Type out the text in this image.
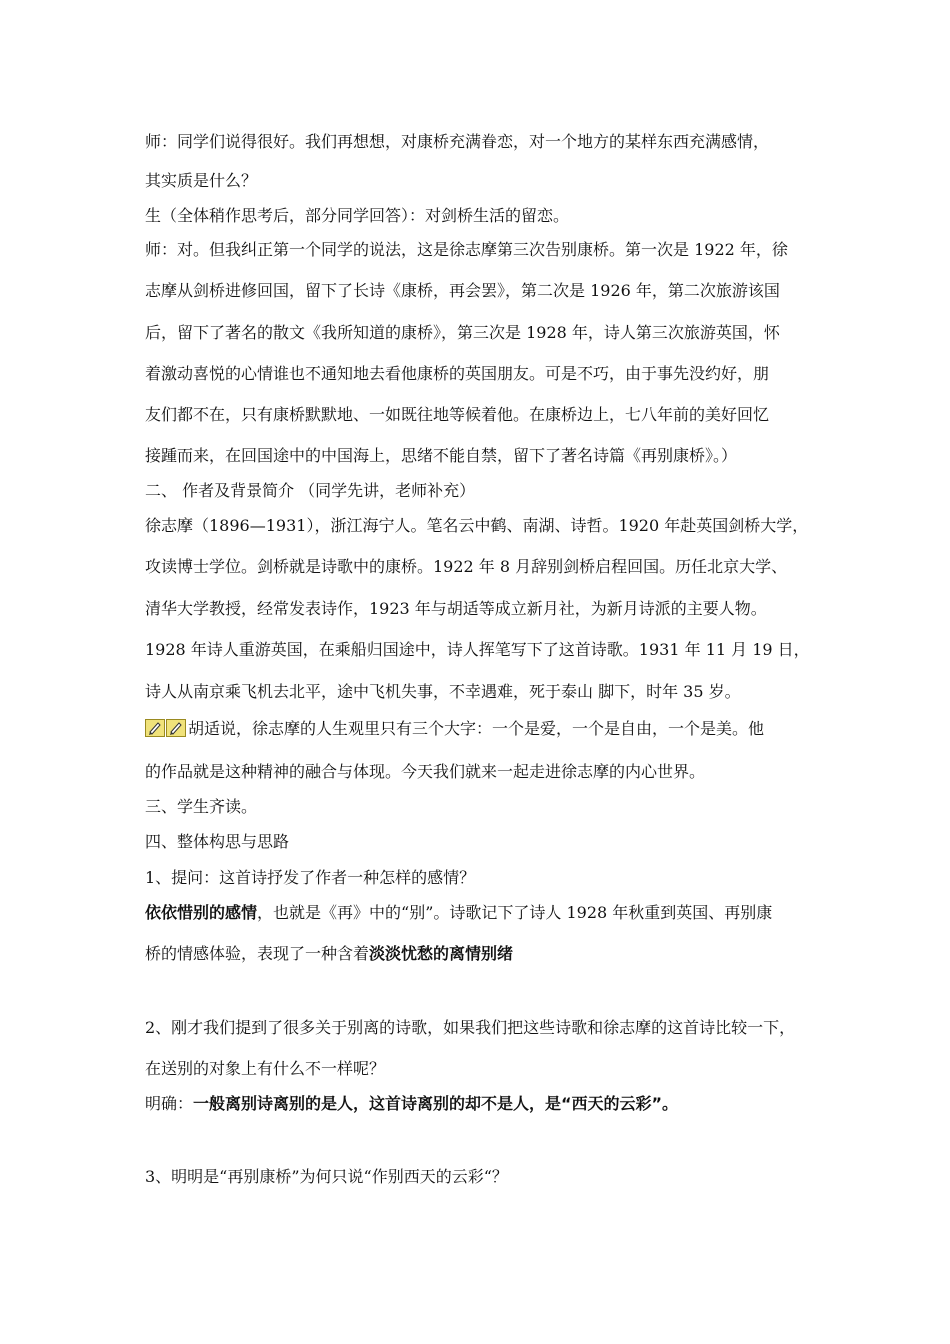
师：同学们说得很好。我们再想想，对康桥充满眷恋，对一个地方的某样东西充满感情，
其实质是什么？
生（全体稍作思考后，部分同学回答）：对剑桥生活的留恋。
师：对。但我纠正第一个同学的说法，这是徐志摩第三次告别康桥。第一次是 1922 年，徐
志摩从剑桥进修回国，留下了长诗《康桥，再会罢》，第二次是 1926 年，第二次旅游该国
后，留下了著名的散文《我所知道的康桥》，第三次是 1928 年，诗人第三次旅游英国，怀
着激动喜悦的心情谁也不通知地去看他康桥的英国朋友。可是不巧，由于事先没约好，朋
友们都不在，只有康桥默默地、一如既往地等候着他。在康桥边上，七八年前的美好回忆
接踵而来，在回国途中的中国海上，思绪不能自禁，留下了著名诗篇《再别康桥》。）
二、 作者及背景简介 （同学先讲，老师补充）
徐志摩（1896—1931），浙江海宁人。笔名云中鹤、南湖、诗哲。1920 年赴英国剑桥大学，
攻读博士学位。剑桥就是诗歌中的康桥。1922 年 8 月辞别剑桥启程回国。历任北京大学、
清华大学教授，经常发表诗作，1923 年与胡适等成立新月社，为新月诗派的主要人物。
1928 年诗人重游英国，在乘船归国途中，诗人挥笔写下了这首诗歌。1931 年 11 月 19 日，
诗人从南京乘飞机去北平，途中飞机失事，不幸遇难，死于泰山 脚下，时年 35 岁。
胡适说，徐志摩的人生观里只有三个大字：一个是爱，一个是自由，一个是美。他
的作品就是这种精神的融合与体现。今天我们就来一起走进徐志摩的内心世界。
三、学生齐读。
四、整体构思与思路
1、提问：这首诗抒发了作者一种怎样的感情？
依依惜别的感情，也就是《再》中的“别”。诗歌记下了诗人 1928 年秋重到英国、再别康
桥的情感体验，表现了一种含着淡淡忧愁的离情别绪
2、刚才我们提到了很多关于别离的诗歌，如果我们把这些诗歌和徐志摩的这首诗比较一下，
在送别的对象上有什么不一样呢？
明确：一般离别诗离别的是人，这首诗离别的却不是人，是“西天的云彩”。
3、明明是“再别康桥”为何只说“作别西天的云彩“？
